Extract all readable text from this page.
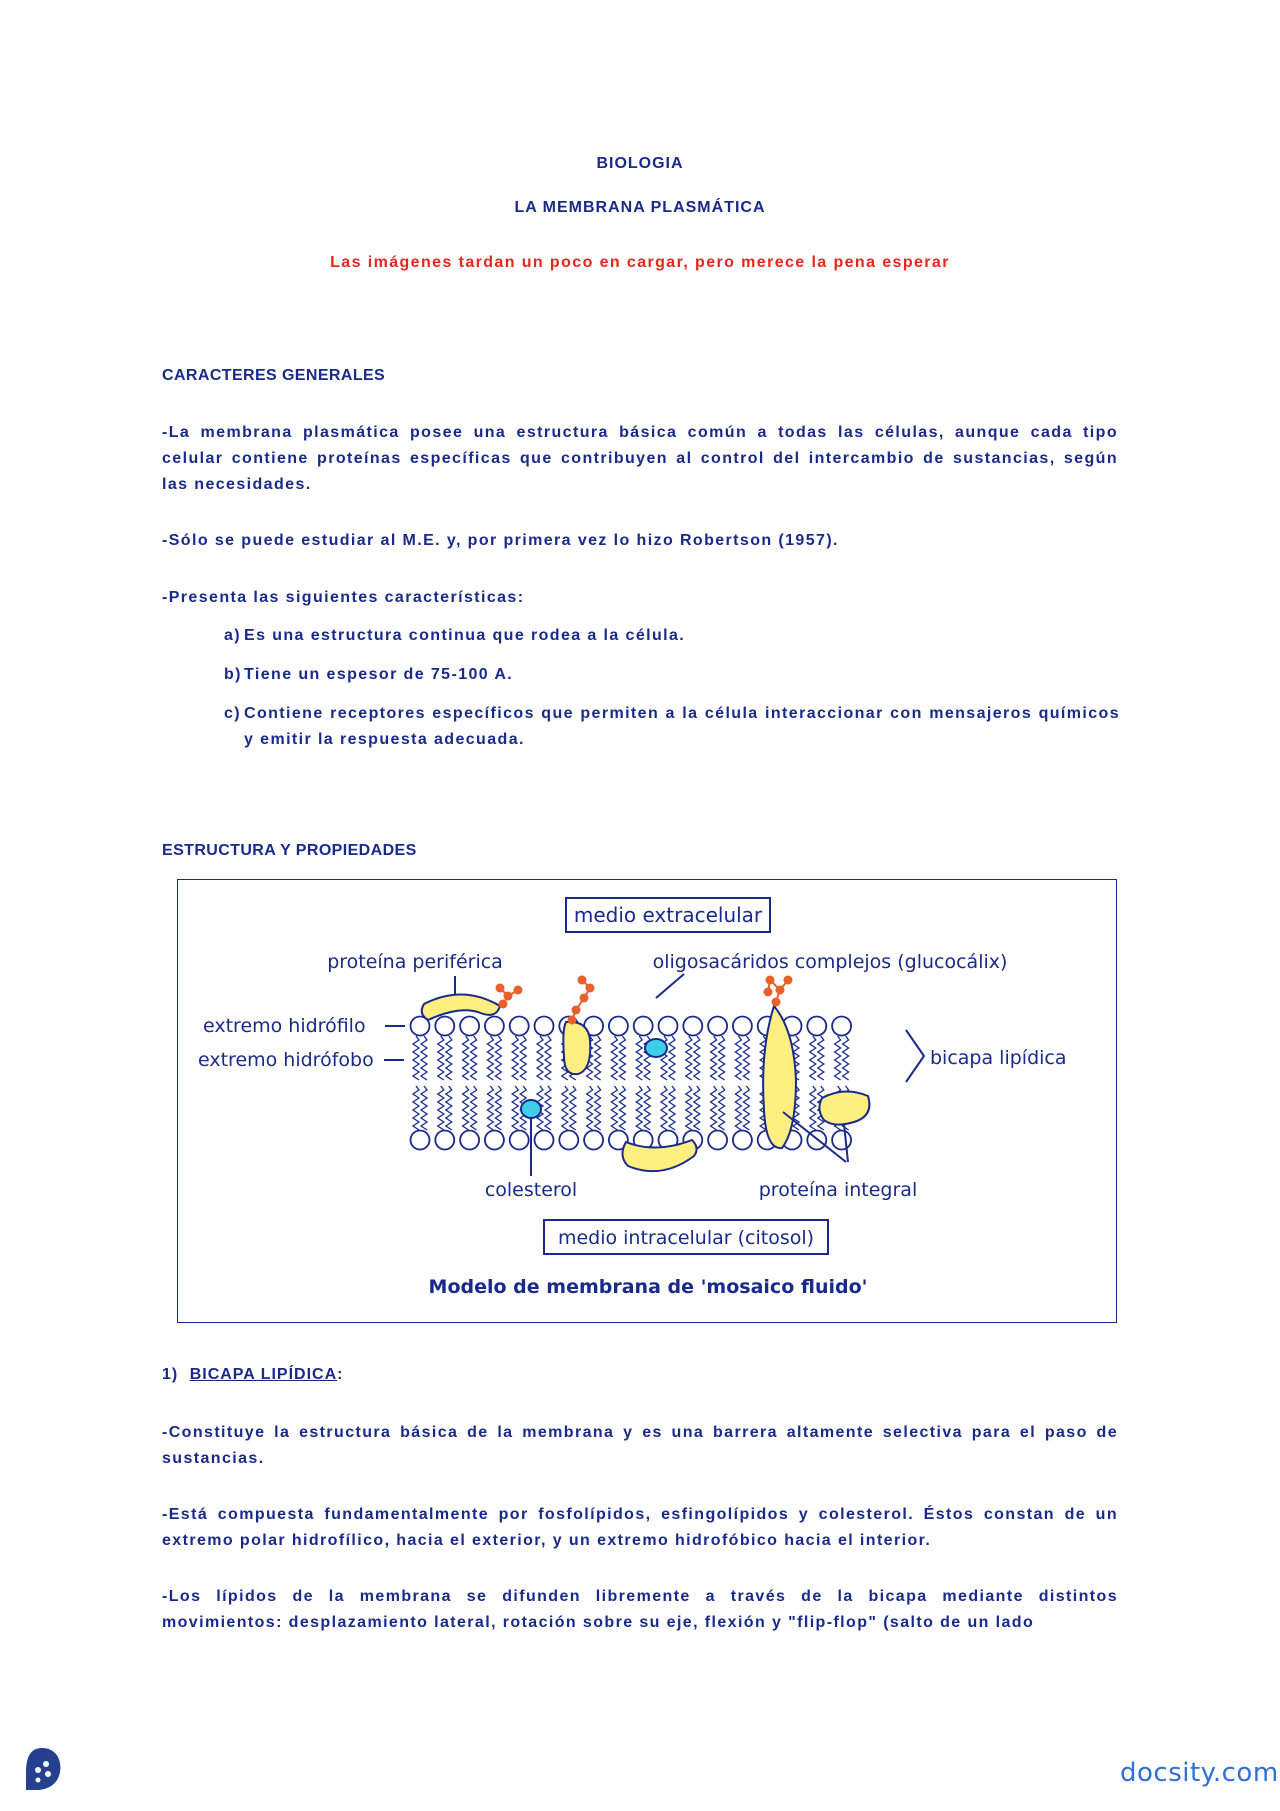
BIOLOGIA
LA MEMBRANA PLASMÁTICA
Las imágenes tardan un poco en cargar, pero merece la pena esperar
CARACTERES GENERALES
-La membrana plasmática posee una estructura básica común a todas las células, aunque cada tipo celular contiene proteínas específicas que contribuyen al control del intercambio de sustancias, según las necesidades.
-Sólo se puede estudiar al M.E. y, por primera vez lo hizo Robertson (1957).
-Presenta las siguientes características:
a) Es una estructura continua que rodea a la célula.
b) Tiene un espesor de 75-100 A.
c) Contiene receptores específicos que permiten a la célula interaccionar con mensajeros químicos y emitir la respuesta adecuada.
ESTRUCTURA Y PROPIEDADES
medio extracelular
proteína periférica	oligosacáridos complejos (glucocálix)
extremo hidrófilo
extremo hidrófobo	bicapa lipídica
colesterol	proteína integral
medio intracelular (citosol)
Modelo de membrana de 'mosaico fluido'
1) BICAPA LIPÍDICA:
-Constituye la estructura básica de la membrana y es una barrera altamente selectiva para el paso de sustancias.
-Está compuesta fundamentalmente por fosfolípidos, esfingolípidos y colesterol. Éstos constan de un extremo polar hidrofílico, hacia el exterior, y un extremo hidrofóbico hacia el interior.
-Los lípidos de la membrana se difunden libremente a través de la bicapa mediante distintos movimientos: desplazamiento lateral, rotación sobre su eje, flexión y "flip-flop" (salto de un lado
docsity.com
